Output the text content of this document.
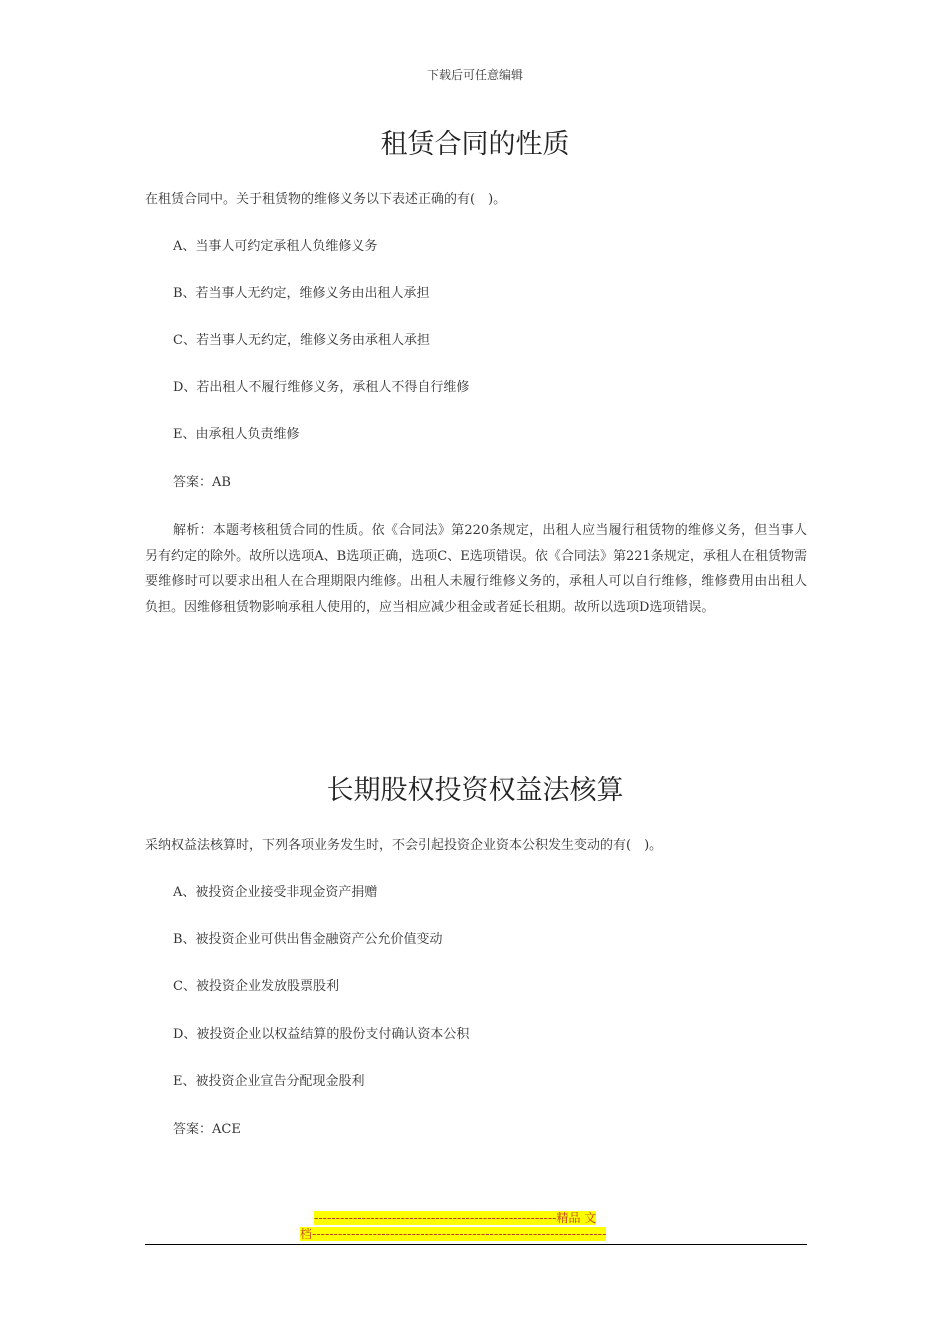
下载后可任意编辑
租赁合同的性质

在租赁合同中。关于租赁物的维修义务以下表述正确的有(　)。

A、当事人可约定承租人负维修义务

B、若当事人无约定，维修义务由出租人承担

C、若当事人无约定，维修义务由承租人承担

D、若出租人不履行维修义务，承租人不得自行维修

E、由承租人负责维修

答案：AB

解析：本题考核租赁合同的性质。依《合同法》第220条规定，出租人应当履行租赁物的维修义务，但当事人另有约定的除外。故所以选项A、B选项正确，选项C、E选项错误。依《合同法》第221条规定，承租人在租赁物需要维修时可以要求出租人在合理期限内维修。出租人未履行维修义务的，承租人可以自行维修，维修费用由出租人负担。因维修租赁物影响承租人使用的，应当相应减少租金或者延长租期。故所以选项D选项错误。

长期股权投资权益法核算

采纳权益法核算时，下列各项业务发生时，不会引起投资企业资本公积发生变动的有(　)。

A、被投资企业接受非现金资产捐赠

B、被投资企业可供出售金融资产公允价值变动

C、被投资企业发放股票股利

D、被投资企业以权益结算的股份支付确认资本公积

E、被投资企业宣告分配现金股利

答案：ACE

--------------------------------------------------------精品 文
档--------------------------------------------------------------------
